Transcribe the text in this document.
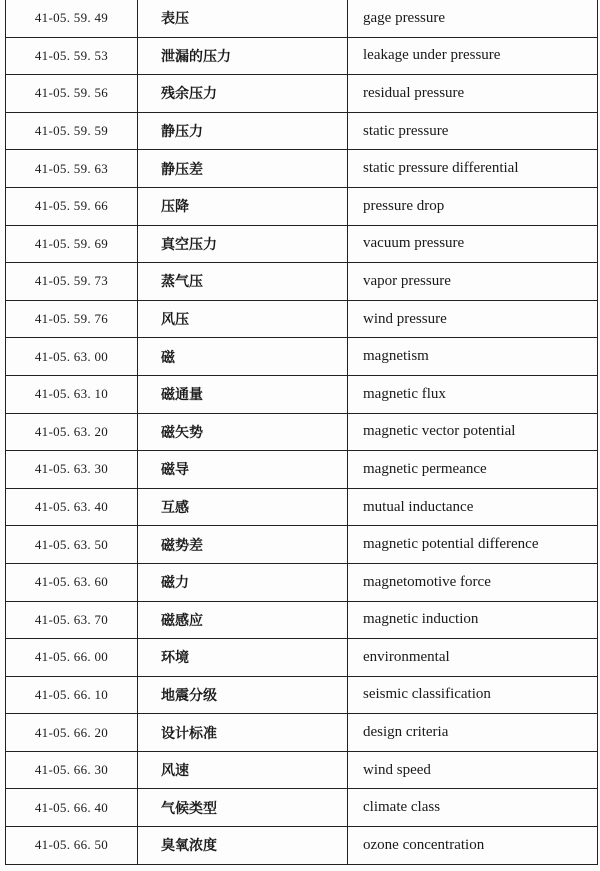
41-05. 59. 49	表压	gage pressure
41-05. 59. 53	泄漏的压力	leakage under pressure
41-05. 59. 56	残余压力	residual pressure
41-05. 59. 59	静压力	static pressure
41-05. 59. 63	静压差	static pressure differential
41-05. 59. 66	压降	pressure drop
41-05. 59. 69	真空压力	vacuum pressure
41-05. 59. 73	蒸气压	vapor pressure
41-05. 59. 76	风压	wind pressure
41-05. 63. 00	磁	magnetism
41-05. 63. 10	磁通量	magnetic flux
41-05. 63. 20	磁矢势	magnetic vector potential
41-05. 63. 30	磁导	magnetic permeance
41-05. 63. 40	互感	mutual inductance
41-05. 63. 50	磁势差	magnetic potential difference
41-05. 63. 60	磁力	magnetomotive force
41-05. 63. 70	磁感应	magnetic induction
41-05. 66. 00	环境	environmental
41-05. 66. 10	地震分级	seismic classification
41-05. 66. 20	设计标准	design criteria
41-05. 66. 30	风速	wind speed
41-05. 66. 40	气候类型	climate class
41-05. 66. 50	臭氧浓度	ozone concentration
